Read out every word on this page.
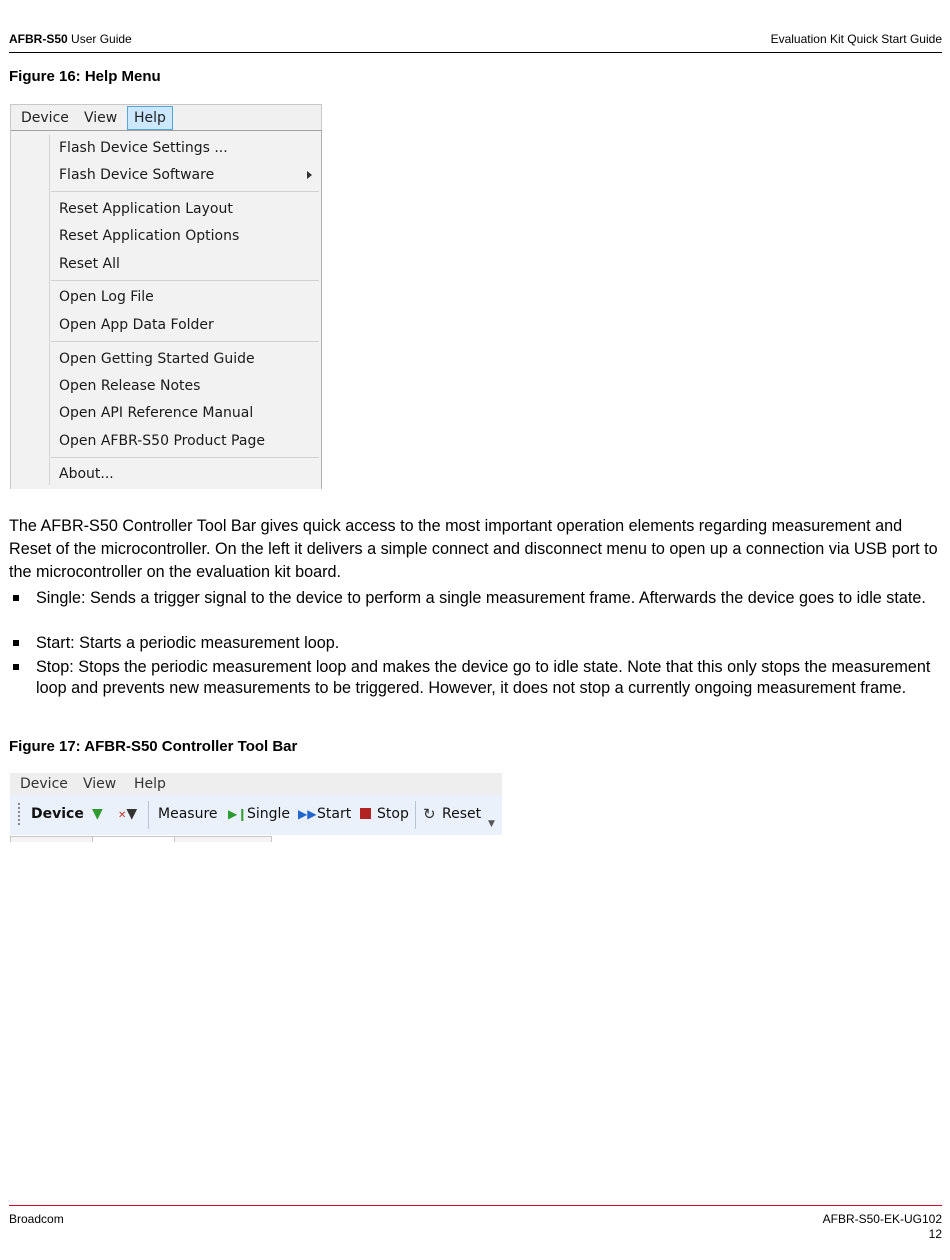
AFBR-S50 User Guide	Evaluation Kit Quick Start Guide
Figure 16: Help Menu
Device	View	Help
Flash Device Settings ...
Flash Device Software
Reset Application Layout
Reset Application Options
Reset All
Open Log File
Open App Data Folder
Open Getting Started Guide
Open Release Notes
Open API Reference Manual
Open AFBR-S50 Product Page
About...
The AFBR-S50 Controller Tool Bar gives quick access to the most important operation elements regarding measurement and Reset of the microcontroller. On the left it delivers a simple connect and disconnect menu to open up a connection via USB port to the microcontroller on the evaluation kit board.
Single: Sends a trigger signal to the device to perform a single measurement frame. Afterwards the device goes to idle state.
Start: Starts a periodic measurement loop.
Stop: Stops the periodic measurement loop and makes the device go to idle state. Note that this only stops the measurement loop and prevents new measurements to be triggered. However, it does not stop a currently ongoing measurement frame.
Figure 17: AFBR-S50 Controller Tool Bar
Device View Help
Device ▼ ✕▼ Measure ▶❙ Single ▶▶ Start Stop ↻ Reset
▼
Broadcom	AFBR-S50-EK-UG102
12
